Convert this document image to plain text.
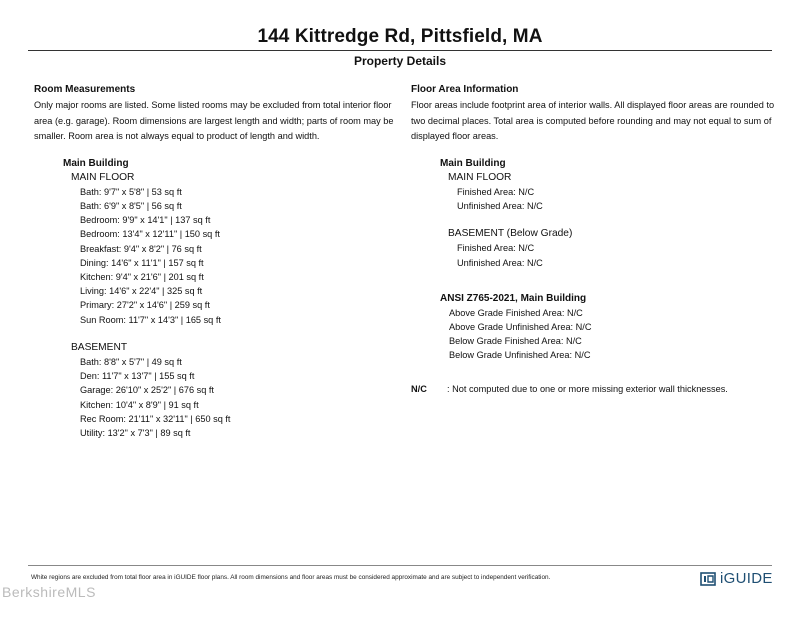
144 Kittredge Rd, Pittsfield, MA
Property Details
Room Measurements
Only major rooms are listed. Some listed rooms may be excluded from total interior floor area (e.g. garage). Room dimensions are largest length and width; parts of room may be smaller. Room area is not always equal to product of length and width.
Main Building
MAIN FLOOR
Bath: 9'7" x 5'8" | 53 sq ft
Bath: 6'9" x 8'5" | 56 sq ft
Bedroom: 9'9" x 14'1" | 137 sq ft
Bedroom: 13'4" x 12'11" | 150 sq ft
Breakfast: 9'4" x 8'2" | 76 sq ft
Dining: 14'6" x 11'1" | 157 sq ft
Kitchen: 9'4" x 21'6" | 201 sq ft
Living: 14'6" x 22'4" | 325 sq ft
Primary: 27'2" x 14'6" | 259 sq ft
Sun Room: 11'7" x 14'3" | 165 sq ft
BASEMENT
Bath: 8'8" x 5'7" | 49 sq ft
Den: 11'7" x 13'7" | 155 sq ft
Garage: 26'10" x 25'2" | 676 sq ft
Kitchen: 10'4" x 8'9" | 91 sq ft
Rec Room: 21'11" x 32'11" | 650 sq ft
Utility: 13'2" x 7'3" | 89 sq ft
Floor Area Information
Floor areas include footprint area of interior walls. All displayed floor areas are rounded to two decimal places. Total area is computed before rounding and may not equal to sum of displayed floor areas.
Main Building
MAIN FLOOR
Finished Area: N/C
Unfinished Area: N/C
BASEMENT (Below Grade)
Finished Area: N/C
Unfinished Area: N/C
ANSI Z765-2021, Main Building
Above Grade Finished Area: N/C
Above Grade Unfinished Area: N/C
Below Grade Finished Area: N/C
Below Grade Unfinished Area: N/C
N/C : Not computed due to one or more missing exterior wall thicknesses.
White regions are excluded from total floor area in iGUIDE floor plans. All room dimensions and floor areas must be considered approximate and are subject to independent verification.	iGUIDE
BerkshireMLS
